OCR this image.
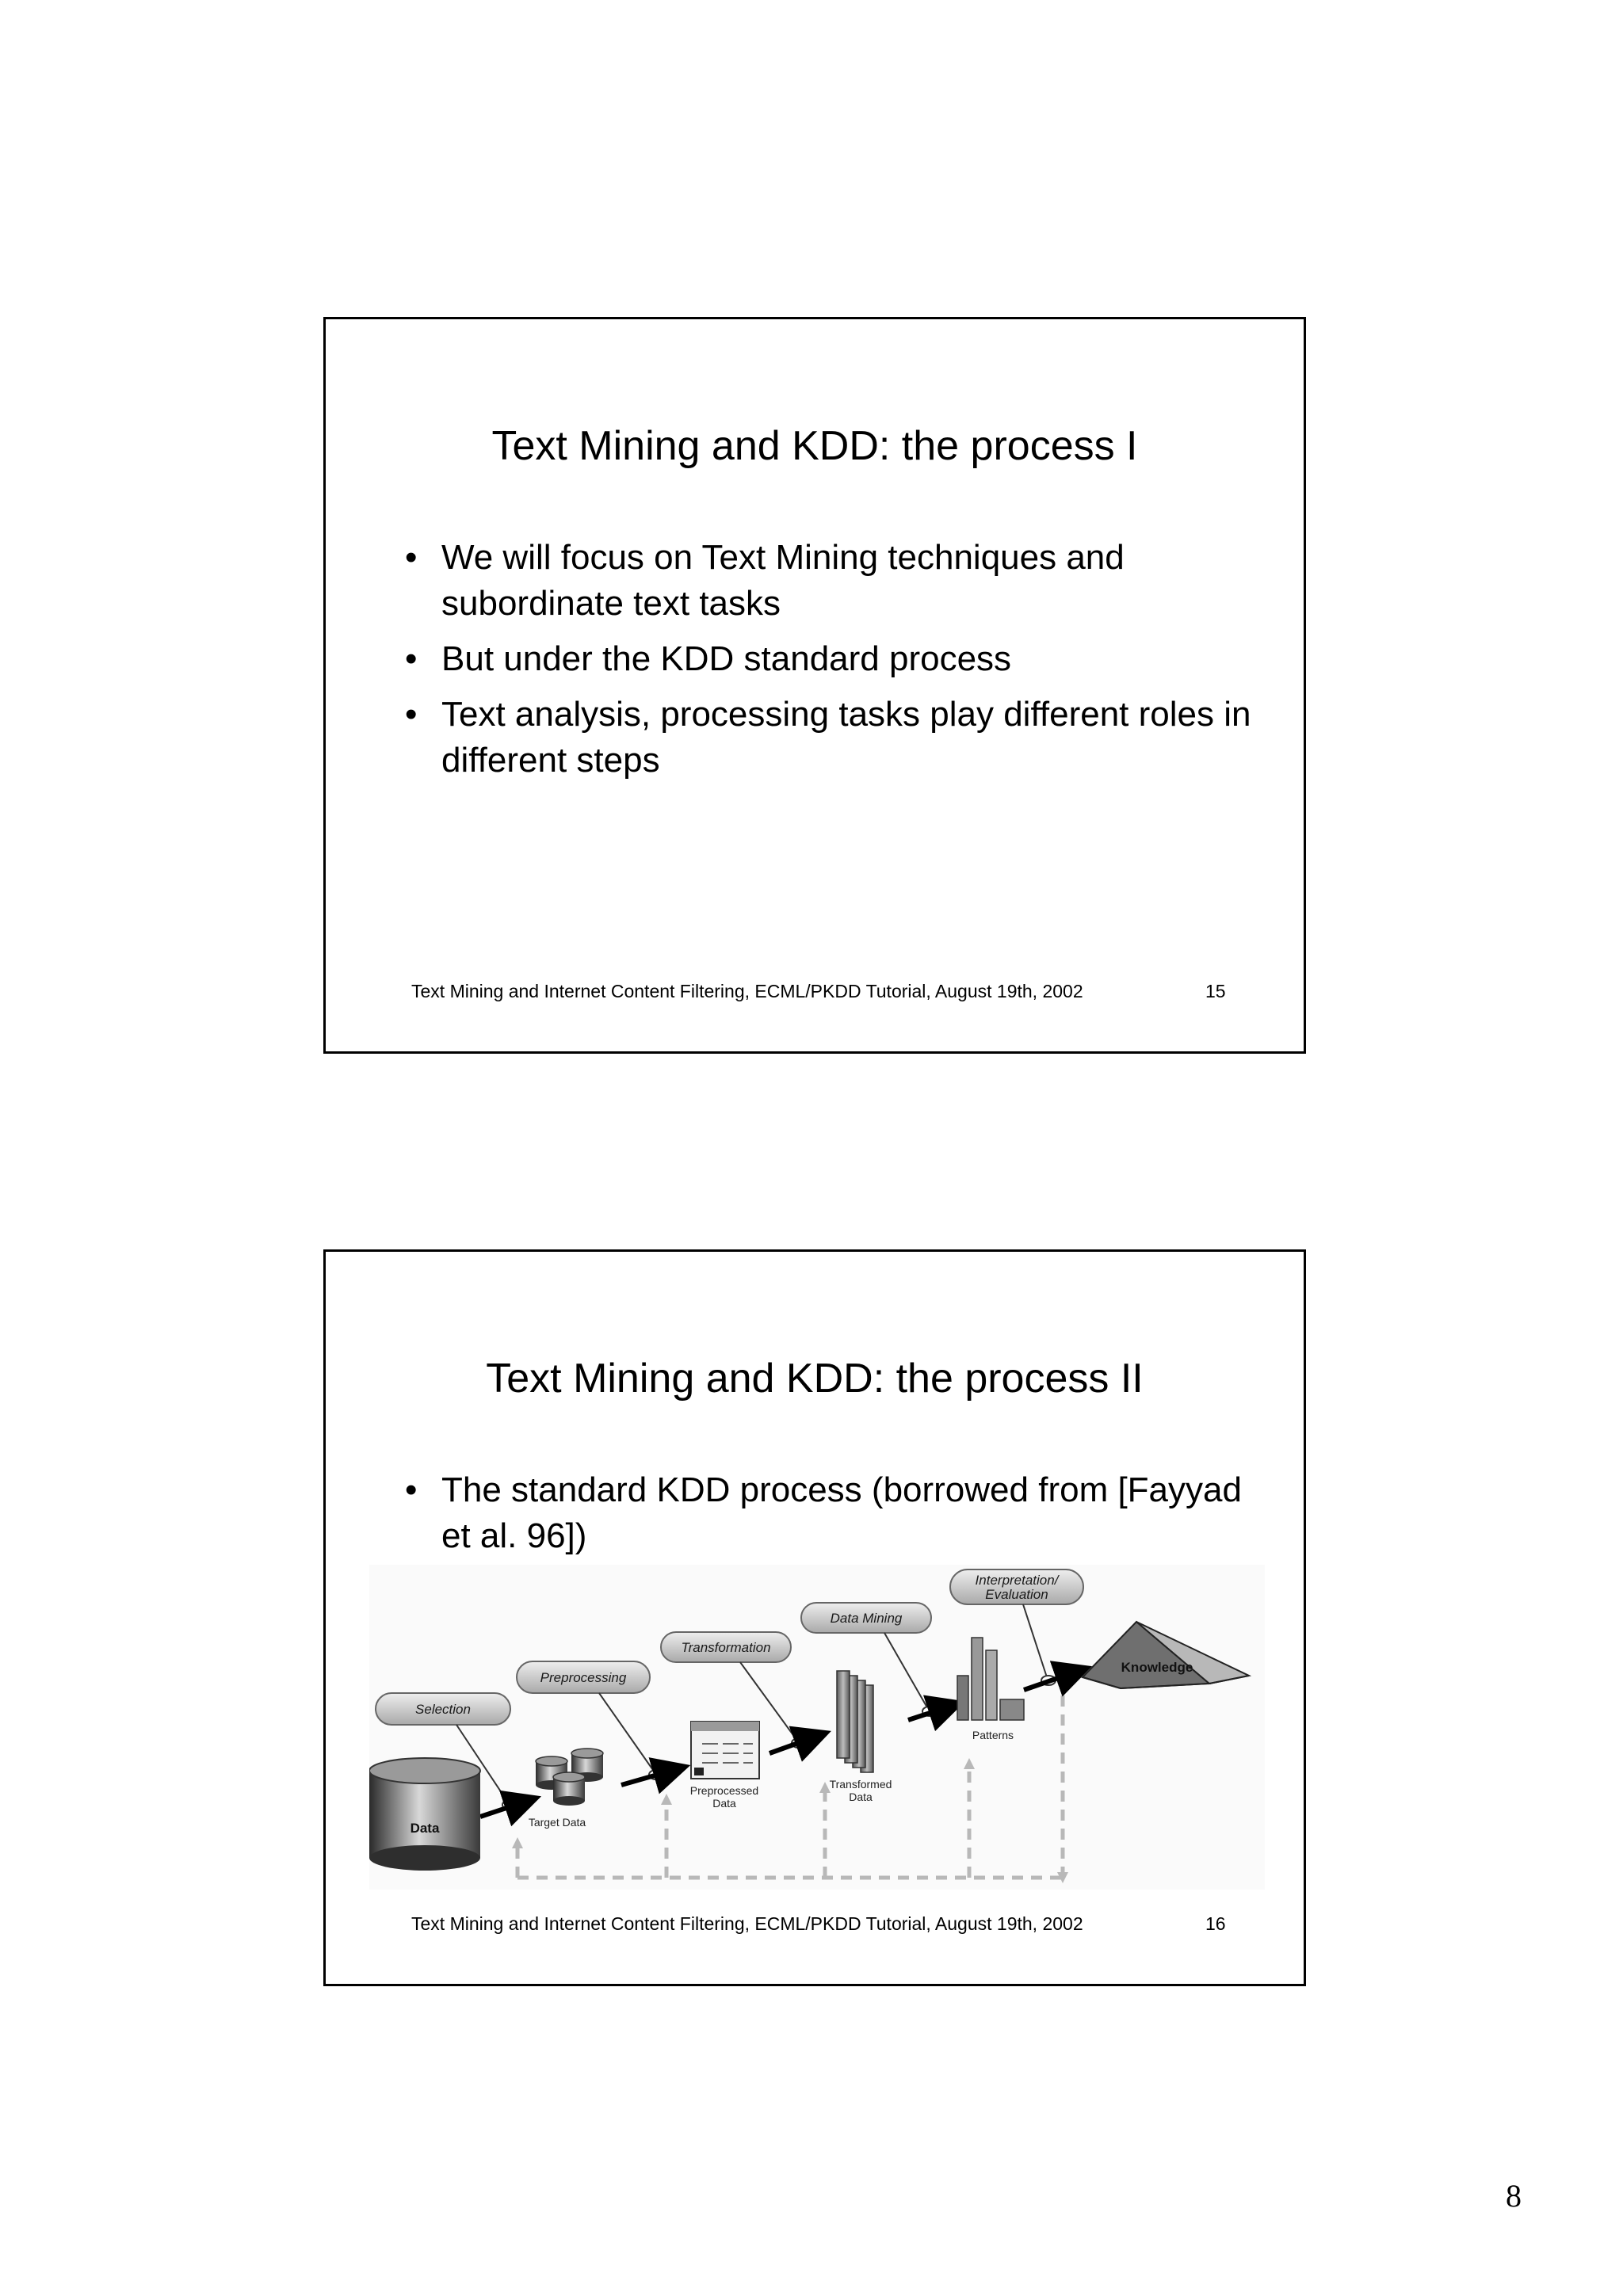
Text Mining and KDD: the process I
• We will focus on Text Mining techniques and subordinate text tasks
• But under the KDD standard process
• Text analysis, processing tasks play different roles in different steps
Text Mining and Internet Content Filtering, ECML/PKDD Tutorial, August 19th, 2002	15
Text Mining and KDD: the process II
• The standard KDD process (borrowed from [Fayyad et al. 96])
Selection
Preprocessing
Transformation
Data Mining
Interpretation/
Evaluation
Data	Target Data
Preprocessed
Data
Transformed
Data
Patterns
Knowledge
Text Mining and Internet Content Filtering, ECML/PKDD Tutorial, August 19th, 2002	16
8
